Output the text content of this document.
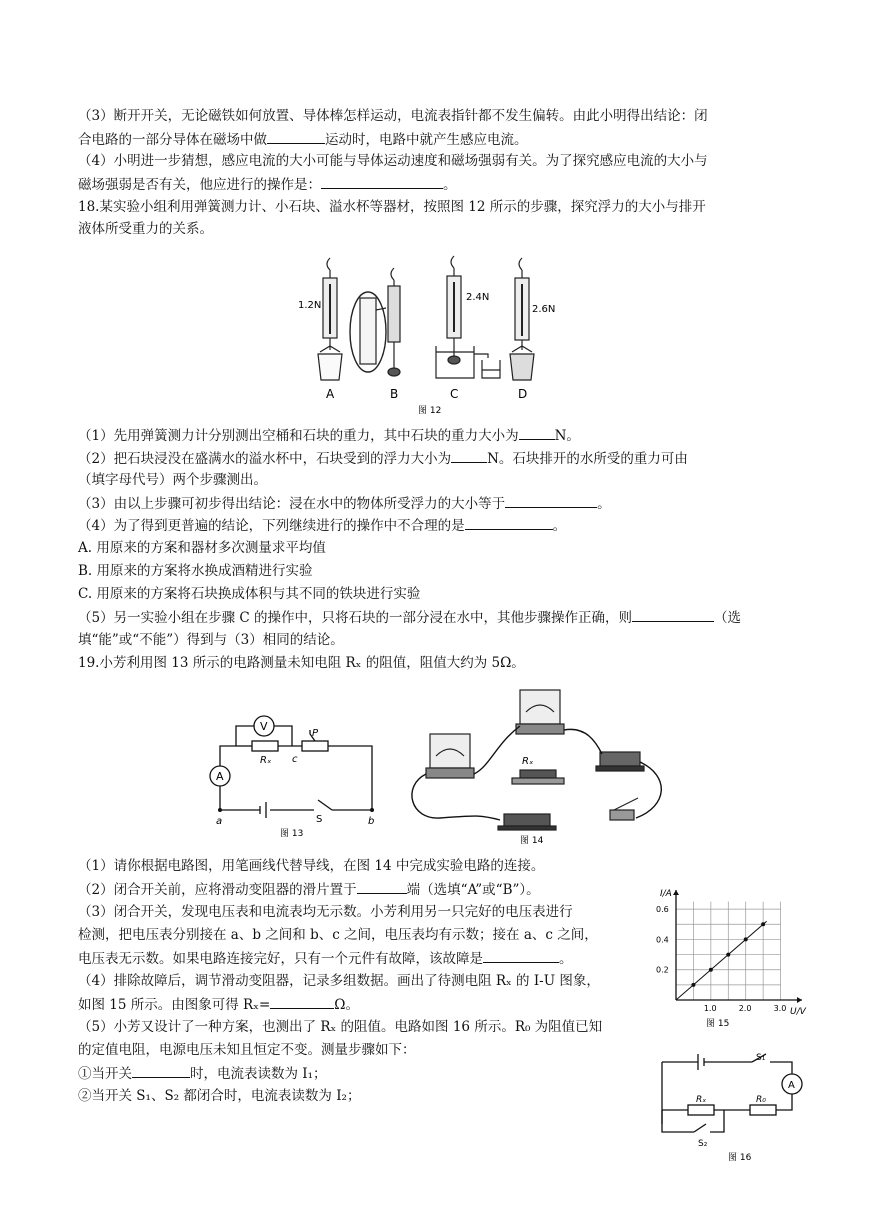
（3）断开开关，无论磁铁如何放置、导体棒怎样运动，电流表指针都不发生偏转。由此小明得出结论：闭
合电路的一部分导体在磁场中做	运动时，电路中就产生感应电流。
（4）小明进一步猜想，感应电流的大小可能与导体运动速度和磁场强弱有关。为了探究感应电流的大小与
磁场强弱是否有关，他应进行的操作是：	。
18.某实验小组利用弹簧测力计、小石块、溢水杯等器材，按照图 12 所示的步骤，探究浮力的大小与排开
液体所受重力的关系。
1.2N
2.4N
2.6N
A	B	C	D
图 12
（1）先用弹簧测力计分别测出空桶和石块的重力，其中石块的重力大小为	N。
（2）把石块浸没在盛满水的溢水杯中，石块受到的浮力大小为	N。石块排开的水所受的重力可由
（填字母代号）两个步骤测出。
（3）由以上步骤可初步得出结论：浸在水中的物体所受浮力的大小等于	。
（4）为了得到更普遍的结论，下列继续进行的操作中不合理的是	。
A. 用原来的方案和器材多次测量求平均值
B. 用原来的方案将水换成酒精进行实验
C. 用原来的方案将石块换成体积与其不同的铁块进行实验
（5）另一实验小组在步骤 C 的操作中，只将石块的一部分浸在水中，其他步骤操作正确，则	（选
填“能”或“不能”）得到与（3）相同的结论。
19.小芳利用图 13 所示的电路测量未知电阻 Rₓ 的阻值，阻值大约为 5Ω。
V
A
Rₓ
P
c
a	b
S
图 13
Rₓ
图 14
（1）请你根据电路图，用笔画线代替导线，在图 14 中完成实验电路的连接。
（2）闭合开关前，应将滑动变阻器的滑片置于	端（选填“A”或“B”）。
（3）闭合开关，发现电压表和电流表均无示数。小芳利用另一只完好的电压表进行
检测，把电压表分别接在 a、b 之间和 b、c 之间，电压表均有示数；接在 a、c 之间，
电压表无示数。如果电路连接完好，只有一个元件有故障，该故障是	。
（4）排除故障后，调节滑动变阻器，记录多组数据。画出了待测电阻 Rₓ 的 I-U 图象，
如图 15 所示。由图象可得 Rₓ=	Ω。
（5）小芳又设计了一种方案，也测出了 Rₓ 的阻值。电路如图 16 所示。R₀ 为阻值已知
的定值电阻，电源电压未知且恒定不变。测量步骤如下：
①当开关	时，电流表读数为 I₁；
②当开关 S₁、S₂ 都闭合时，电流表读数为 I₂；
1.0	2.0	3.0
0.6
0.4
0.2
I/A
U/V
图 15
S₁
S₂
Rₓ	R₀
A
图 16
